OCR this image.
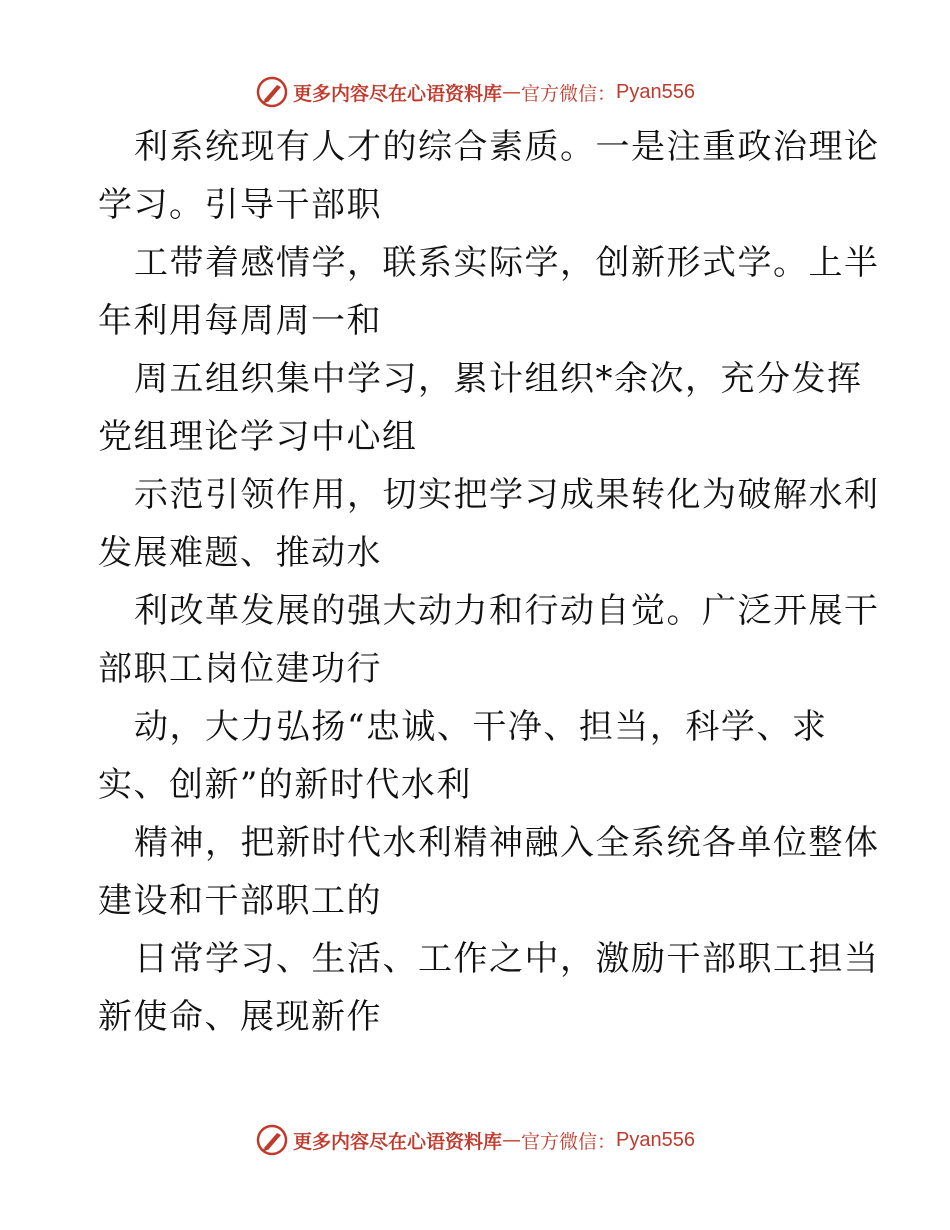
更多内容尽在心语资料库 — 官方微信： Pyan556

利系统现有人才的综合素质。一是注重政治理论
学习。引导干部职

工带着感情学，联系实际学，创新形式学。上半
年利用每周周一和

周五组织集中学习，累计组织*余次，充分发挥
党组理论学习中心组

示范引领作用，切实把学习成果转化为破解水利
发展难题、推动水

利改革发展的强大动力和行动自觉。广泛开展干
部职工岗位建功行

动，大力弘扬“忠诚、干净、担当，科学、求
实、创新”的新时代水利

精神，把新时代水利精神融入全系统各单位整体
建设和干部职工的

日常学习、生活、工作之中，激励干部职工担当
新使命、展现新作

更多内容尽在心语资料库 — 官方微信： Pyan556
